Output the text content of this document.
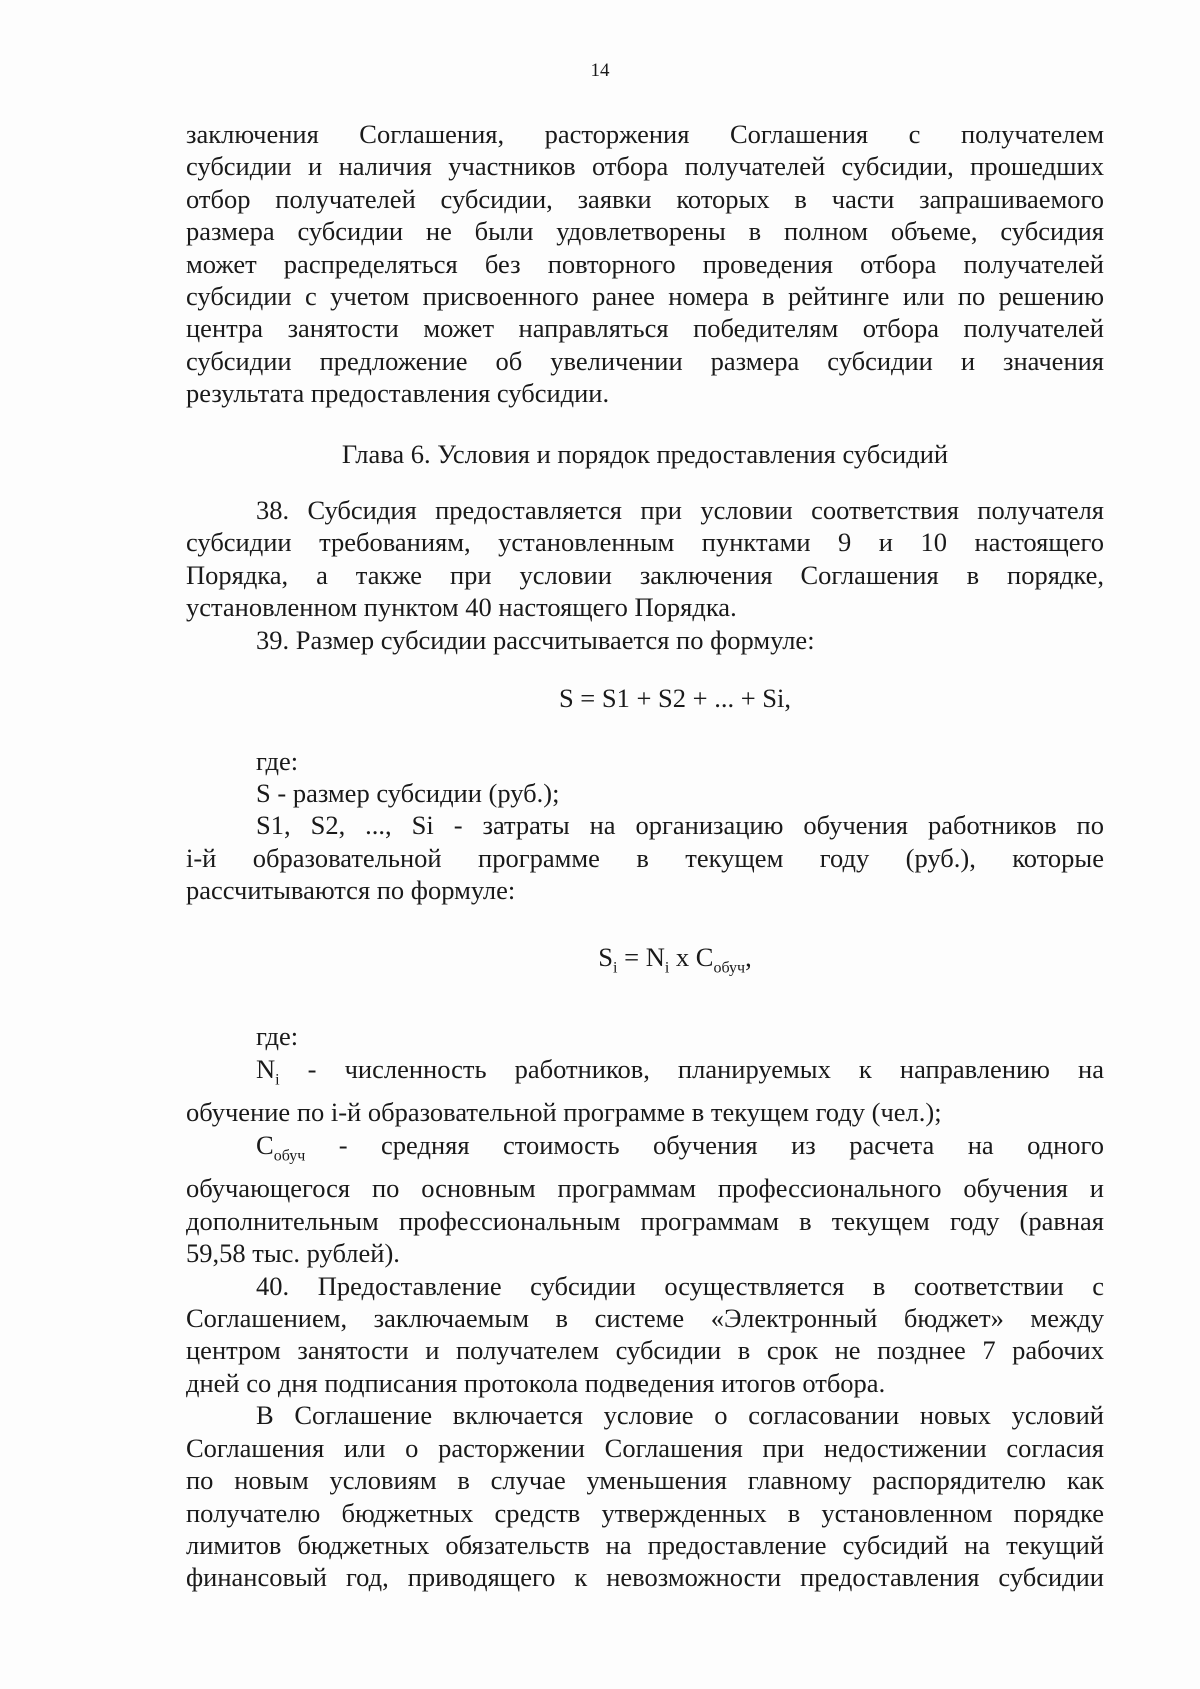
14

заключения Соглашения, расторжения Соглашения с получателем

субсидии и наличия участников отбора получателей субсидии, прошедших

отбор получателей субсидии, заявки которых в части запрашиваемого

размера субсидии не были удовлетворены в полном объеме, субсидия

может распределяться без повторного проведения отбора получателей

субсидии с учетом присвоенного ранее номера в рейтинге или по решению

центра занятости может направляться победителям отбора получателей

субсидии предложение об увеличении размера субсидии и значения

результата предоставления субсидии.

Глава 6. Условия и порядок предоставления субсидий

38. Субсидия предоставляется при условии соответствия получателя

субсидии требованиям, установленным пунктами 9 и 10 настоящего

Порядка, а также при условии заключения Соглашения в порядке,

установленном пунктом 40 настоящего Порядка.

39. Размер субсидии рассчитывается по формуле:

S = S1 + S2 + ... + Si,

где:

S - размер субсидии (руб.);

S1, S2, ..., Si - затраты на организацию обучения работников по

i-й образовательной программе в текущем году (руб.), которые

рассчитываются по формуле:

$S_i = N_i$ x $C_{обуч}$,

где:

$N_i$ - численность работников, планируемых к направлению на

обучение по i-й образовательной программе в текущем году (чел.);

$C_{обуч}$ - средняя стоимость обучения из расчета на одного

обучающегося по основным программам профессионального обучения и

дополнительным профессиональным программам в текущем году (равная

59,58 тыс. рублей).

40. Предоставление субсидии осуществляется в соответствии с

Соглашением, заключаемым в системе «Электронный бюджет» между

центром занятости и получателем субсидии в срок не позднее 7 рабочих

дней со дня подписания протокола подведения итогов отбора.

В Соглашение включается условие о согласовании новых условий

Соглашения или о расторжении Соглашения при недостижении согласия

по новым условиям в случае уменьшения главному распорядителю как

получателю бюджетных средств утвержденных в установленном порядке

лимитов бюджетных обязательств на предоставление субсидий на текущий

финансовый год, приводящего к невозможности предоставления субсидии
